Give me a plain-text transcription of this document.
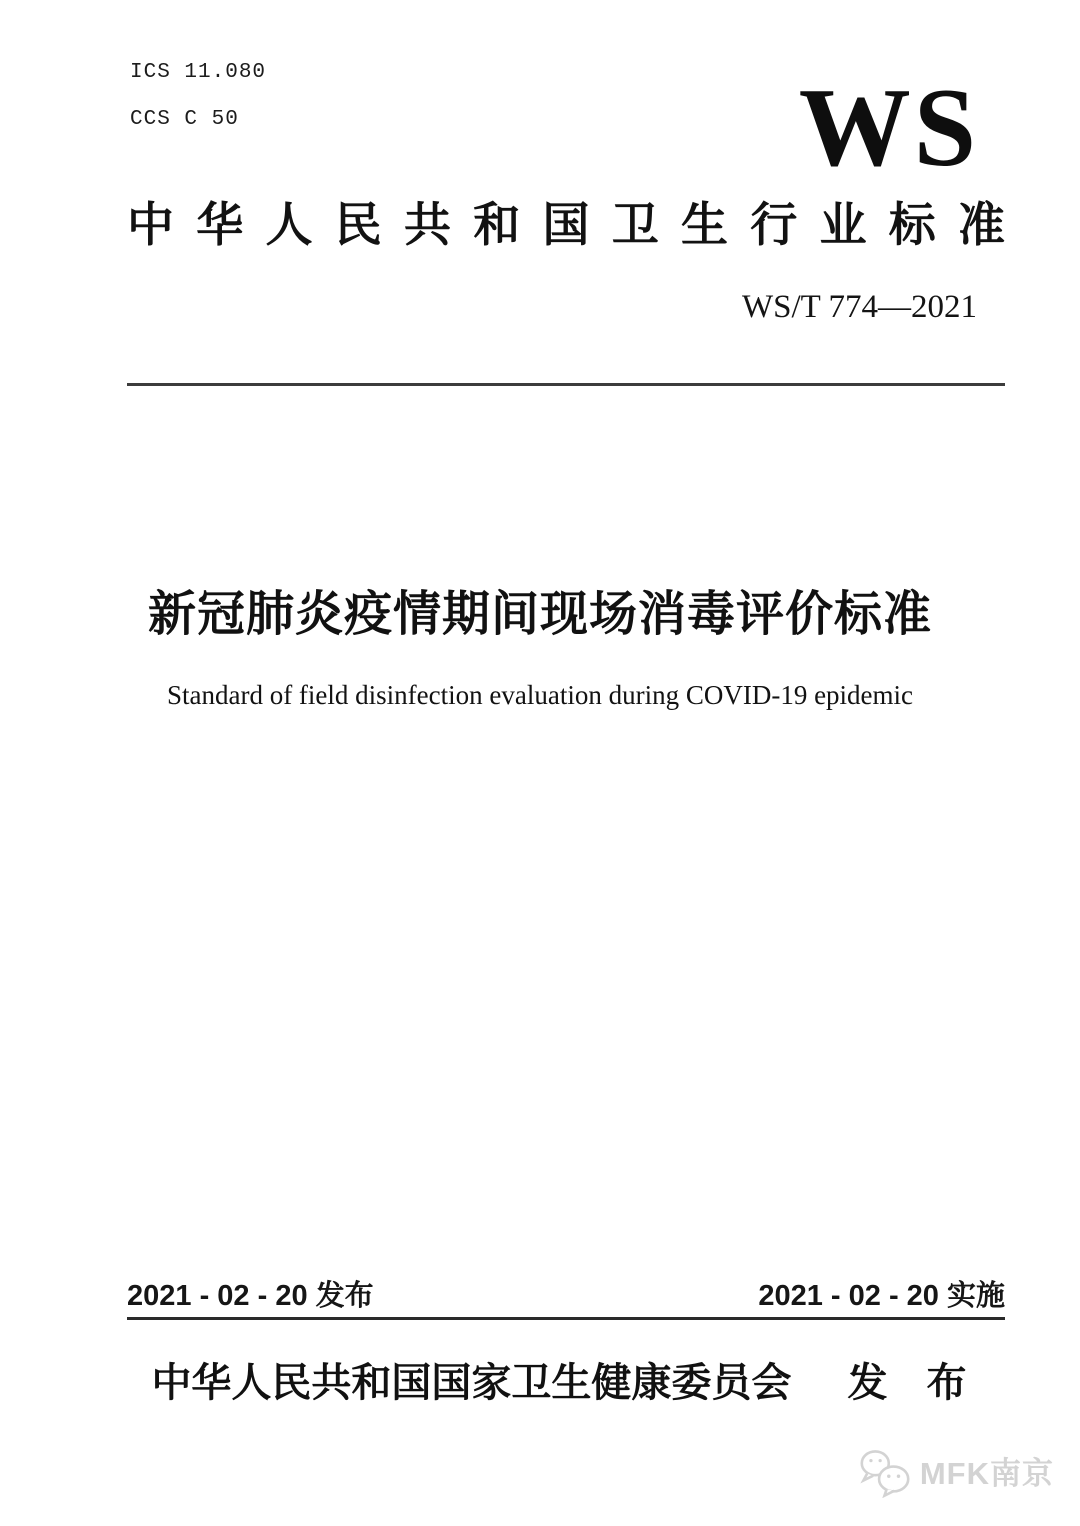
ICS 11.080
CCS C 50	WS
中 华 人 民 共 和 国 卫 生 行 业 标 准
WS/T 774—2021
新冠肺炎疫情期间现场消毒评价标准
Standard of field disinfection evaluation during COVID-19 epidemic
2021 - 02 - 20 发布	2021 - 02 - 20 实施
中华人民共和国国家卫生健康委员会 发 布
MFK南京
